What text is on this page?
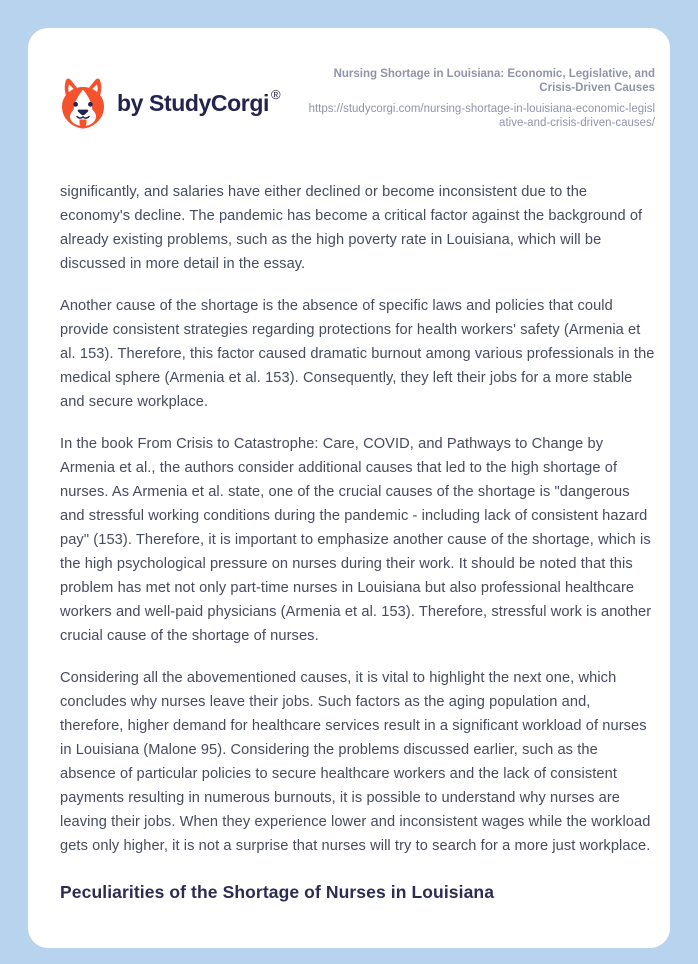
by StudyCorgi ®
Nursing Shortage in Louisiana: Economic, Legislative, and Crisis-Driven Causes
https://studycorgi.com/nursing-shortage-in-louisiana-economic-legislative-and-crisis-driven-causes/

significantly, and salaries have either declined or become inconsistent due to the economy's decline. The pandemic has become a critical factor against the background of already existing problems, such as the high poverty rate in Louisiana, which will be discussed in more detail in the essay.

Another cause of the shortage is the absence of specific laws and policies that could provide consistent strategies regarding protections for health workers' safety (Armenia et al. 153). Therefore, this factor caused dramatic burnout among various professionals in the medical sphere (Armenia et al. 153). Consequently, they left their jobs for a more stable and secure workplace.

In the book From Crisis to Catastrophe: Care, COVID, and Pathways to Change by Armenia et al., the authors consider additional causes that led to the high shortage of nurses. As Armenia et al. state, one of the crucial causes of the shortage is "dangerous and stressful working conditions during the pandemic - including lack of consistent hazard pay" (153). Therefore, it is important to emphasize another cause of the shortage, which is the high psychological pressure on nurses during their work. It should be noted that this problem has met not only part-time nurses in Louisiana but also professional healthcare workers and well-paid physicians (Armenia et al. 153). Therefore, stressful work is another crucial cause of the shortage of nurses.

Considering all the abovementioned causes, it is vital to highlight the next one, which concludes why nurses leave their jobs. Such factors as the aging population and, therefore, higher demand for healthcare services result in a significant workload of nurses in Louisiana (Malone 95). Considering the problems discussed earlier, such as the absence of particular policies to secure healthcare workers and the lack of consistent payments resulting in numerous burnouts, it is possible to understand why nurses are leaving their jobs. When they experience lower and inconsistent wages while the workload gets only higher, it is not a surprise that nurses will try to search for a more just workplace.

Peculiarities of the Shortage of Nurses in Louisiana
